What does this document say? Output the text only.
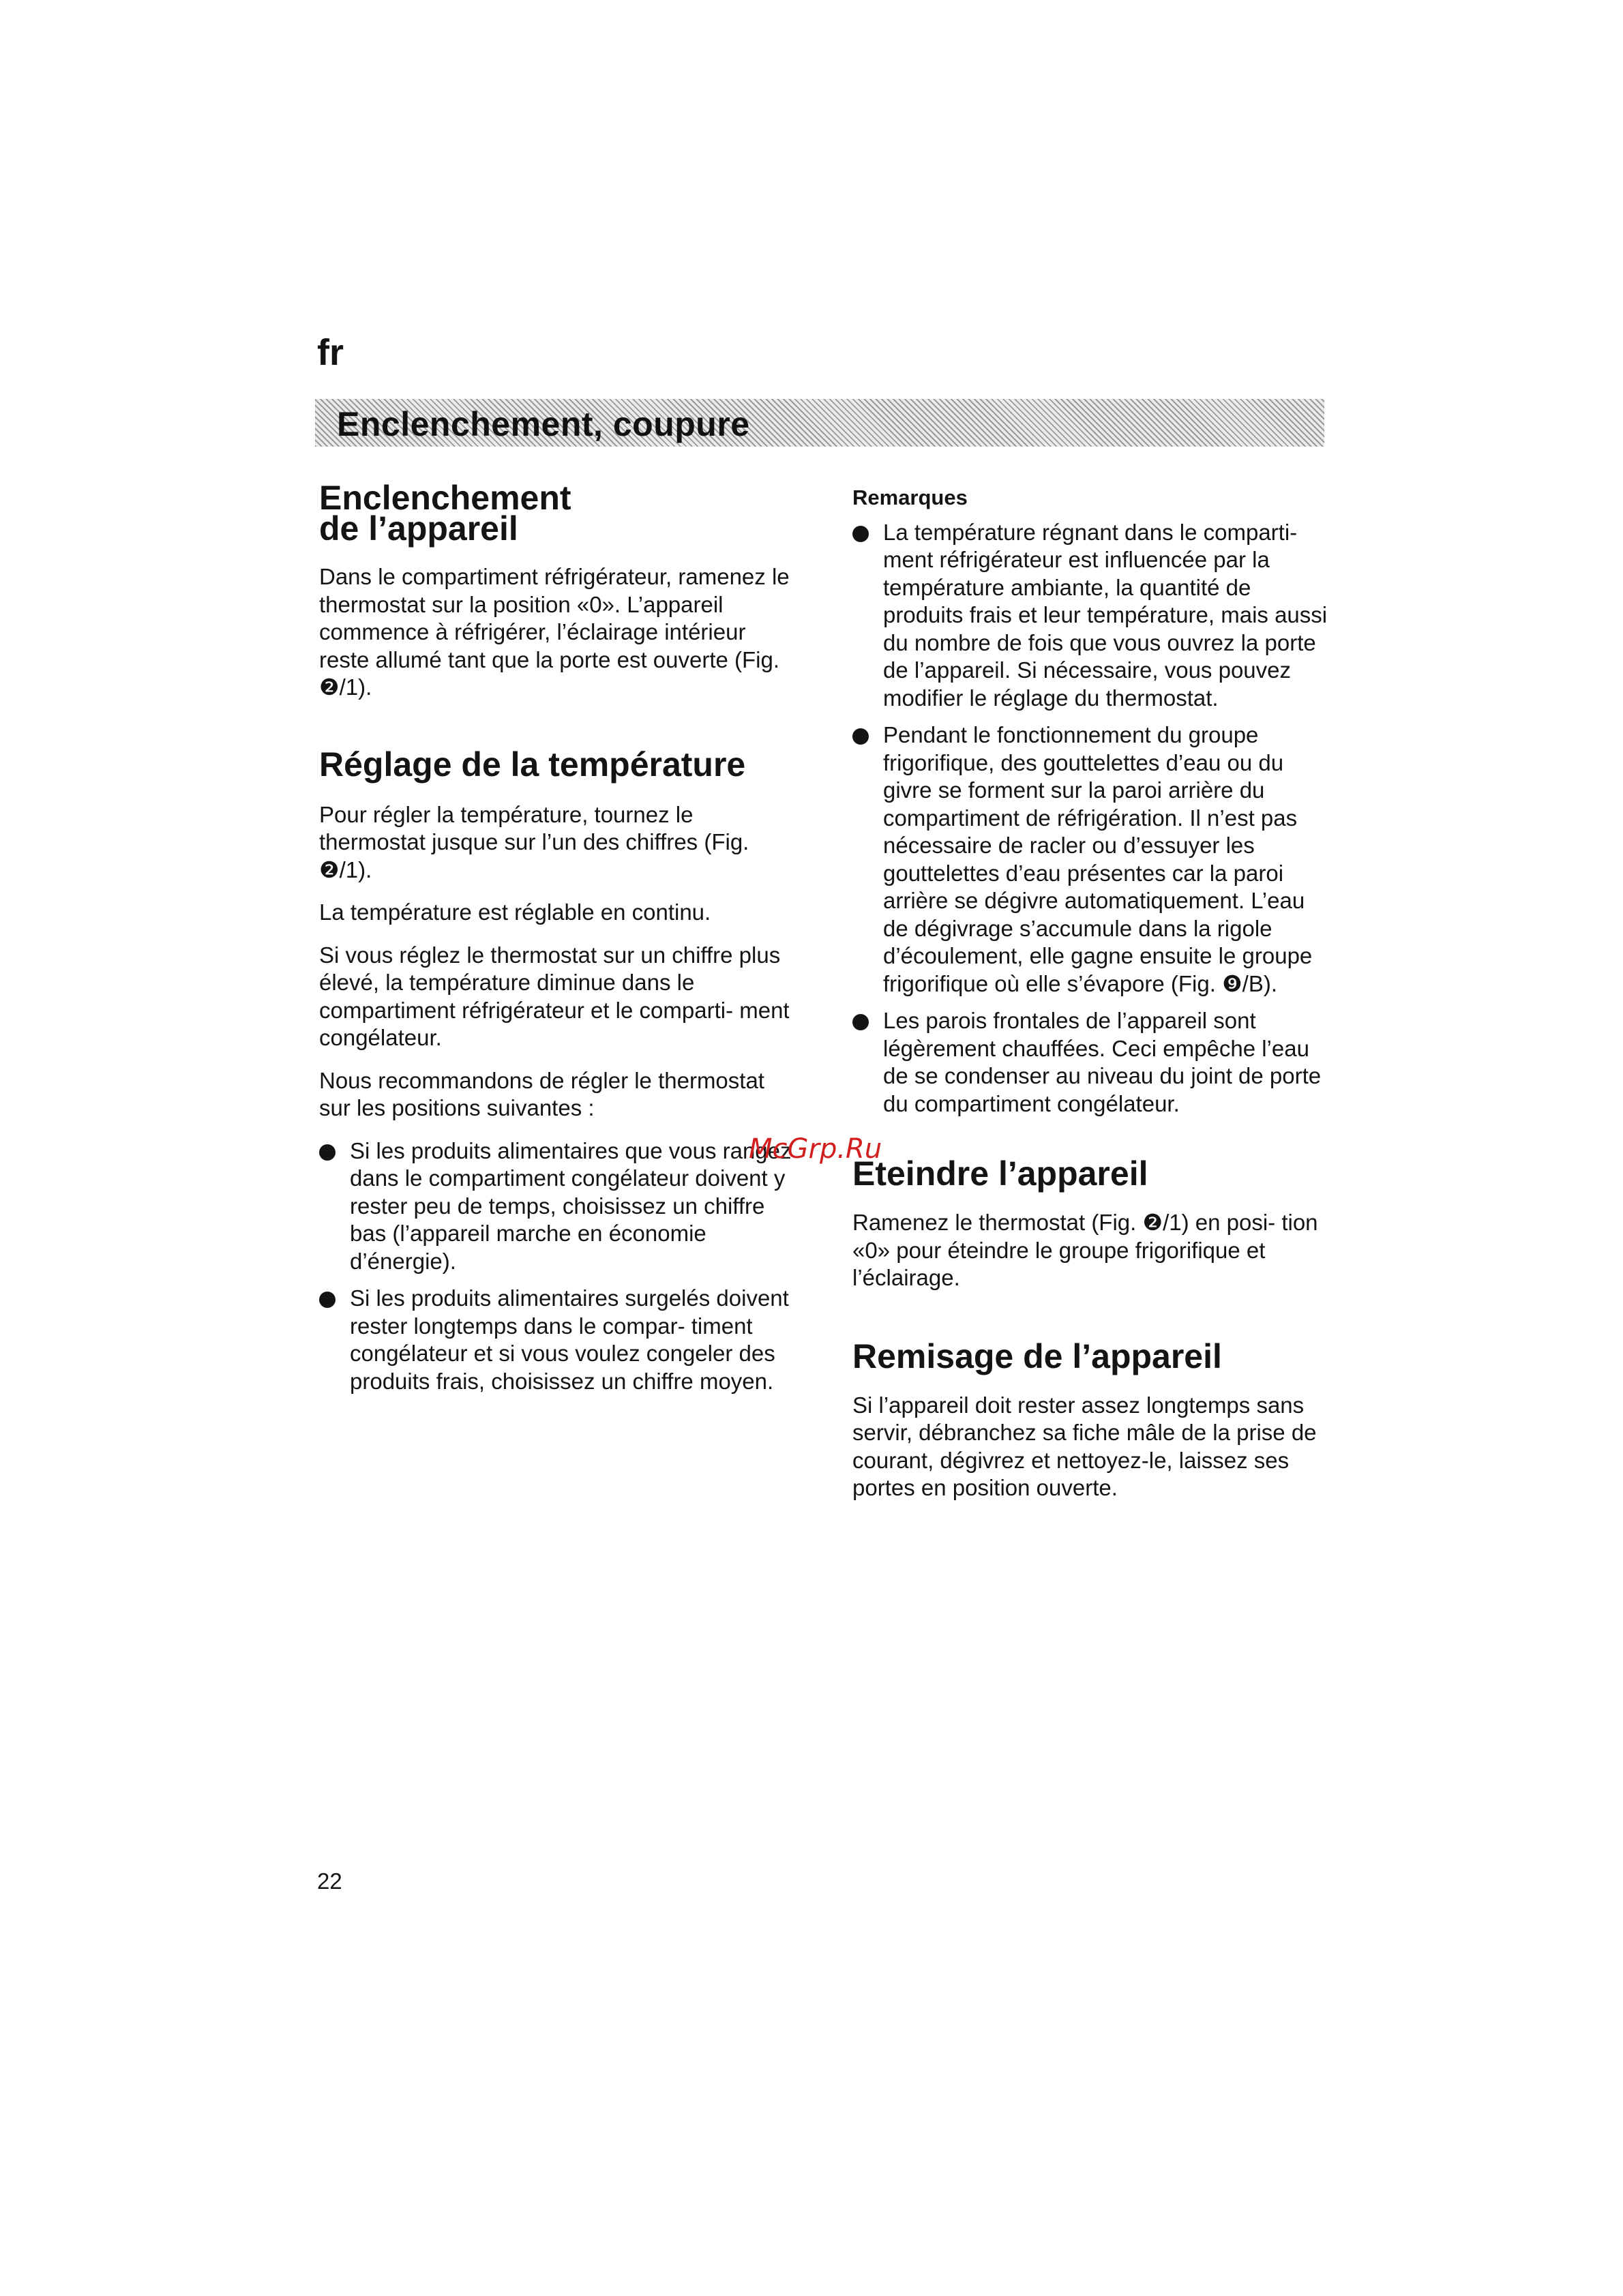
fr

Enclenchement, coupure
Enclenchement
de l’appareil

Dans le compartiment réfrigérateur, ramenez le thermostat sur la position «0». L’appareil commence à réfrigérer, l’éclairage intérieur reste allumé tant que la porte est ouverte (Fig. ❷/1).

Réglage de la température

Pour régler la température, tournez le thermostat jusque sur l’un des chiffres (Fig. ❷/1).

La température est réglable en continu.

Si vous réglez le thermostat sur un chiffre plus élevé, la température diminue dans le compartiment réfrigérateur et le comparti- ment congélateur.

Nous recommandons de régler le thermostat sur les positions suivantes :

Si les produits alimentaires que vous rangez dans le compartiment congélateur doivent y rester peu de temps, choisissez un chiffre bas (l’appareil marche en économie d’énergie).
Si les produits alimentaires surgelés doivent rester longtemps dans le compar- timent congélateur et si vous voulez congeler des produits frais, choisissez un chiffre moyen.

Remarques

La température régnant dans le comparti- ment réfrigérateur est influencée par la température ambiante, la quantité de produits frais et leur température, mais aussi du nombre de fois que vous ouvrez la porte de l’appareil. Si nécessaire, vous pouvez modifier le réglage du thermostat.
Pendant le fonctionnement du groupe frigorifique, des gouttelettes d’eau ou du givre se forment sur la paroi arrière du compartiment de réfrigération. Il n’est pas nécessaire de racler ou d’essuyer les gouttelettes d’eau présentes car la paroi arrière se dégivre automatiquement. L’eau de dégivrage s’accumule dans la rigole d’écoulement, elle gagne ensuite le groupe frigorifique où elle s’évapore (Fig. ❾/B).
Les parois frontales de l’appareil sont légèrement chauffées. Ceci empêche l’eau de se condenser au niveau du joint de porte du compartiment congélateur.
Eteindre l’appareil

Ramenez le thermostat (Fig. ❷/1) en posi- tion «0» pour éteindre le groupe frigorifique et l’éclairage.

Remisage de l’appareil

Si l’appareil doit rester assez longtemps sans servir, débranchez sa fiche mâle de la prise de courant, dégivrez et nettoyez-le, laissez ses portes en position ouverte.

McGrp.Ru

22
